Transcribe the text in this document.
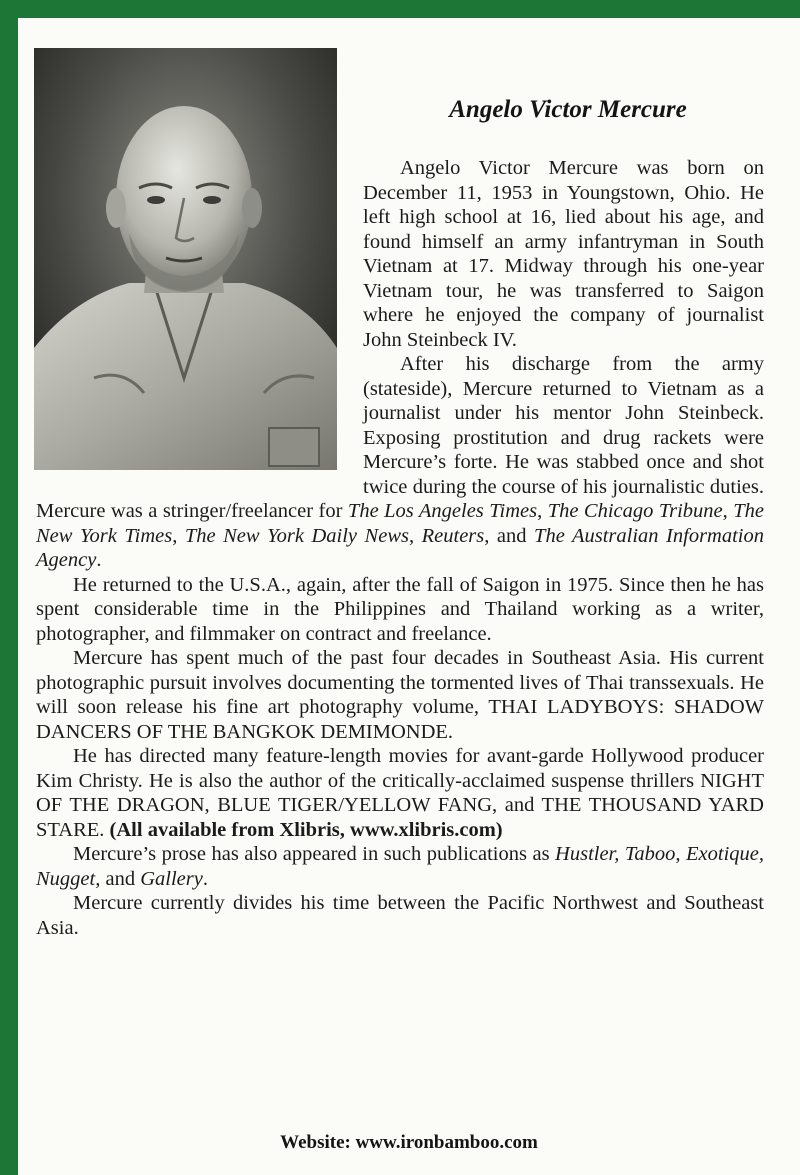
Angelo Victor Mercure

Angelo Victor Mercure was born on December 11, 1953 in Youngstown, Ohio. He left high school at 16, lied about his age, and found himself an army infantryman in South Vietnam at 17. Midway through his one-year Vietnam tour, he was transferred to Saigon where he enjoyed the company of journalist John Steinbeck IV.

After his discharge from the army (stateside), Mercure returned to Vietnam as a journalist under his mentor John Steinbeck. Exposing prostitution and drug rackets were Mercure’s forte. He was stabbed once and shot twice during the course of his journalistic duties. Mercure was a stringer/freelancer for The Los Angeles Times, The Chicago Tribune, The New York Times, The New York Daily News, Reuters, and The Australian Information Agency.

He returned to the U.S.A., again, after the fall of Saigon in 1975. Since then he has spent considerable time in the Philippines and Thailand working as a writer, photographer, and filmmaker on contract and freelance.

Mercure has spent much of the past four decades in Southeast Asia. His current photographic pursuit involves documenting the tormented lives of Thai transsexuals. He will soon release his fine art photography volume, THAI LADYBOYS: SHADOW DANCERS OF THE BANGKOK DEMIMONDE.

He has directed many feature-length movies for avant-garde Hollywood producer Kim Christy. He is also the author of the critically-acclaimed suspense thrillers NIGHT OF THE DRAGON, BLUE TIGER/YELLOW FANG, and THE THOUSAND YARD STARE. (All available from Xlibris, www.xlibris.com)

Mercure’s prose has also appeared in such publications as Hustler, Taboo, Exotique, Nugget, and Gallery.

Mercure currently divides his time between the Pacific Northwest and Southeast Asia.

Website: www.ironbamboo.com
